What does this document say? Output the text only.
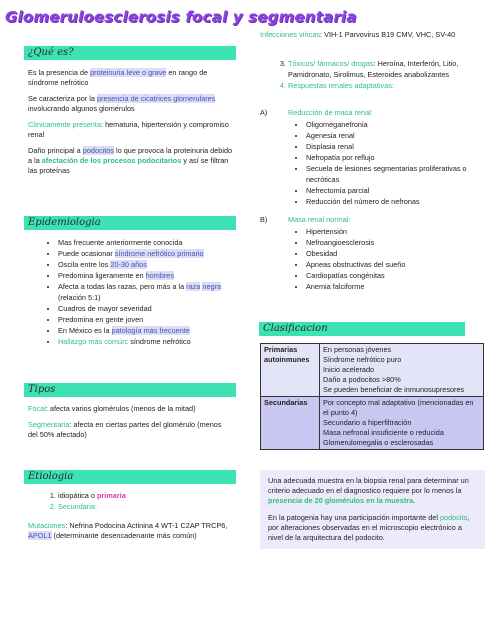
Glomeruloesclerosis focal y segmentaria
¿Qué es?

Es la presencia de proteinuria leve o grave en rango de síndrome nefrótico

Se caracteriza por la presencia de cicatrices glomerulares involucrando algunos glomérulos

Clínicamente presenta: hematuria, hipertensión y compromiso renal

Daño principal a podocitos lo que provoca la proteinuria debido a la afectación de los procesos podocitarios y así se filtran las proteínas

Epidemiologia
• Mas frecuente anteriormente conocida
• Puede ocasionar síndrome nefrótico primario
• Oscila entre los 20-30 años
• Predomina ligeramente en hombres
• Afecta a todas las razas, pero más a la raza negra (relación 5:1)
• Cuadros de mayor severidad
• Predomina en gente joven
• En México es la patología más frecuente
• Hallazgo más común: síndrome nefrótico
Tipos

Focal: afecta varios glomérulos (menos de la mitad)

Segmentaria: afecta en ciertas partes del glomérulo (menos del 50% afectado)

Etiologia
1. idiopática o primaria
2. Secundaria:

Mutaciones: Nefrina Podocina Actinina 4 WT-1 C2AP TRCP6, APOL1 (determinante desencadenante más común)

Infecciones víricas: VIH-1 Parvovirus B19 CMV, VHC, SV-40

3. Tóxicos/ fármacos/ drogas: Heroína, Interferón, Litio, Pamidronato, Sirolimus, Esteroides anabolizantes
4. Respuestas renales adaptativas:
A)	Reducción de masa renal:
• Oligomeganefronia
• Agenesia renal
• Displasia renal
• Nefropatía por reflujo
• Secuela de lesiones segmentarias proliferativas o necróticas
• Nefrectomía parcial
• Reducción del número de nefronas
B)	Masa renal normal:
• Hipertensión
• Nefroangioesclerosis
• Obesidad
• Apneas obstructivas del sueño
• Cardiopatías congénitas
• Anemia falciforme
Clasificacion
Primarias autoinmunes	En personas jóvenes
Síndrome nefrótico puro
Inicio acelerado
Daño a podocitos >80%
Se pueden beneficiar de inmunosupresores

Secundarias	Por concepto mal adaptativo (mencionadas en el punto 4)
Secundario a hiperfiltración
Masa nefronal insuficiente o reducida
Glomerulomegalia o esclerosadas

Una adecuada muestra en la biopsia renal para determinar un criterio adecuado en el diagnostico requiere por lo menos la presencia de 20 glomérulos en la muestra.

En la patogenia hay una participación importante del podocito, por alteraciones observadas en el microscopio electrónico a nivel de la arquitectura del podocito.
